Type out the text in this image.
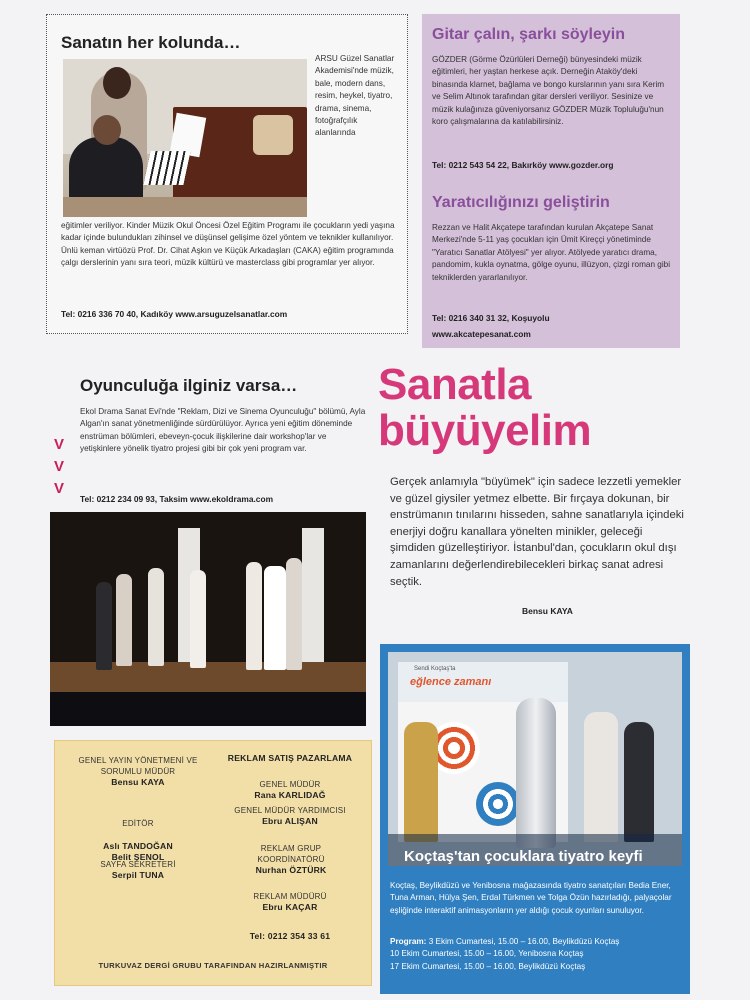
Sanatın her kolunda…

ARSU Güzel Sanatlar Akademisi'nde müzik, bale, modern dans, resim, heykel, tiyatro, drama, sinema, fotoğrafçılık alanlarında

eğitimler veriliyor. Kinder Müzik Okul Öncesi Özel Eğitim Programı ile çocukların yedi yaşına kadar içinde bulundukları zihinsel ve düşünsel gelişime özel yöntem ve teknikler kullanılıyor. Ünlü keman virtüözü Prof. Dr. Cihat Aşkın ve Küçük Arkadaşları (CAKA) eğitim programında çalgı derslerinin yanı sıra teori, müzik kültürü ve masterclass gibi programlar yer alıyor.

Tel: 0216 336 70 40, Kadıköy www.arsuguzelsanatlar.com

Gitar çalın, şarkı söyleyin

GÖZDER (Görme Özürlüleri Derneği) bünyesindeki müzik eğitimleri, her yaştan herkese açık. Derneğin Ataköy'deki binasında klarnet, bağlama ve bongo kurslarının yanı sıra Kerim ve Selim Altınok tarafından gitar dersleri veriliyor. Sesinize ve müzik kulağınıza güveniyorsanız GÖZDER Müzik Topluluğu'nun koro çalışmalarına da katılabilirsiniz.

Tel: 0212 543 54 22, Bakırköy www.gozder.org

Yaratıcılığınızı geliştirin

Rezzan ve Halit Akçatepe tarafından kurulan Akçatepe Sanat Merkezi'nde 5-11 yaş çocukları için Ümit Kireççi yönetiminde "Yaratıcı Sanatlar Atölyesi" yer alıyor. Atölyede yaratıcı drama, pandomim, kukla oynatma, gölge oyunu, illüzyon, çizgi roman gibi tekniklerden yararlanılıyor.

Tel: 0216 340 31 32, Koşuyolu
www.akcatepesanat.com
Oyunculuğa ilginiz varsa…

Ekol Drama Sanat Evi'nde "Reklam, Dizi ve Sinema Oyunculuğu" bölümü, Ayla Algan'ın sanat yönetmenliğinde sürdürülüyor. Ayrıca yeni eğitim döneminde enstrüman bölümleri, ebeveyn-çocuk ilişkilerine dair workshop'lar ve yetişkinlere yönelik tiyatro projesi gibi bir çok yeni program var.

Tel: 0212 234 09 93, Taksim www.ekoldrama.com

V
V
V
Sanatla
büyüyelim

Gerçek anlamıyla "büyümek" için sadece lezzetli yemekler ve güzel giysiler yetmez elbette. Bir fırçaya dokunan, bir enstrümanın tınılarını hisseden, sahne sanatlarıyla içindeki enerjiyi doğru kanallara yönelten minikler, geleceği şimdiden güzelleştiriyor. İstanbul'dan, çocukların okul dışı zamanlarını değerlendirebilecekleri birkaç sanat adresi seçtik.

Bensu KAYA

GENEL YAYIN YÖNETMENİ VE SORUMLU MÜDÜR
Bensu KAYA

EDİTÖR

Aslı TANDOĞAN
Belit ŞENOL

SAYFA SEKRETERİ
Serpil TUNA
REKLAM SATIŞ PAZARLAMA
GENEL MÜDÜR
Rana KARLIDAĞ
GENEL MÜDÜR YARDIMCISI
Ebru ALIŞAN
REKLAM GRUP KOORDİNATÖRÜ
Nurhan ÖZTÜRK
REKLAM MÜDÜRÜ
Ebru KAÇAR
Tel: 0212 354 33 61
TURKUVAZ DERGİ GRUBU TARAFINDAN HAZIRLANMIŞTIR
Sendi Koçtaş'ta
eğlence zamanı
Koçtaş'tan çocuklara tiyatro keyfi

Koçtaş, Beylikdüzü ve Yenibosna mağazasında tiyatro sanatçıları Bedia Ener, Tuna Arman, Hülya Şen, Erdal Türkmen ve Tolga Özün hazırladığı, palyaçolar eşliğinde interaktif animasyonların yer aldığı çocuk oyunları sunuluyor.

Program: 3 Ekim Cumartesi, 15.00 – 16.00, Beylikdüzü Koçtaş
10 Ekim Cumartesi, 15.00 – 16.00, Yenibosna Koçtaş
17 Ekim Cumartesi, 15.00 – 16.00, Beylikdüzü Koçtaş
